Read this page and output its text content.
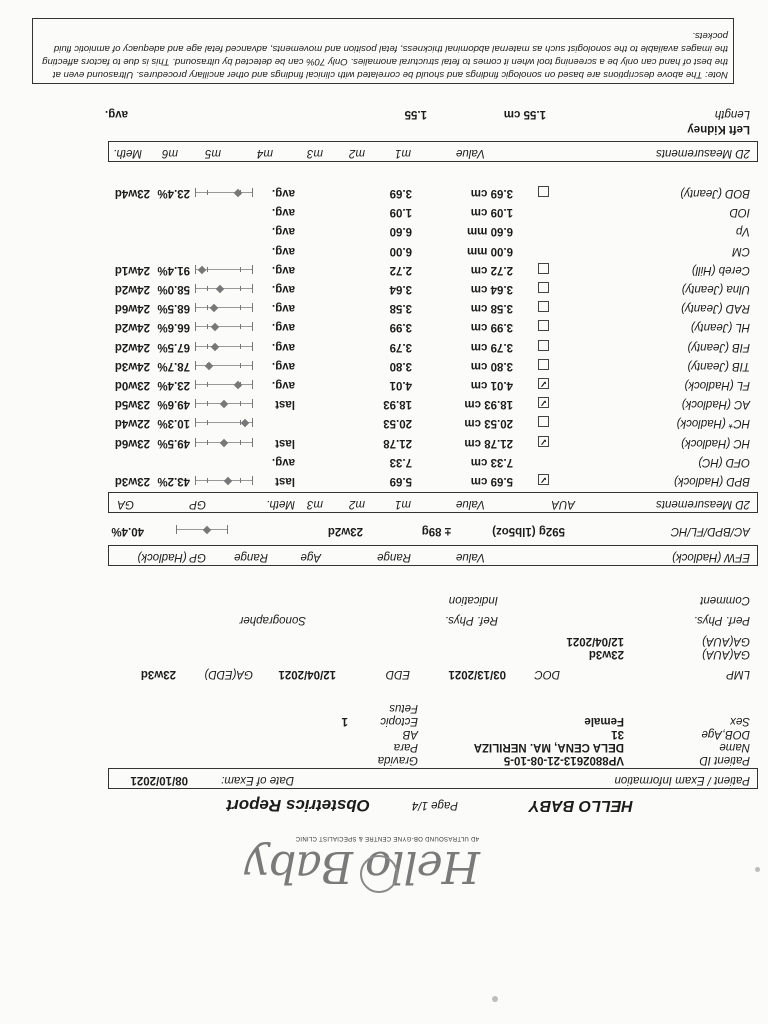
Hello Baby
4D ULTRASOUND OB-GYNE CENTRE & SPECIALIST CLINIC
Obstetrics Report	Page 1/4	HELLO BABY
Patient / Exam Information
Date of Exam:
08/10/2021
Patient ID
VP8802613-21-08-10-5
Gravida
Name
DELA CENA, MA. NERILIZA
Para
DOB,Age
31
AB
Sex
Female
Ectopic
Fetus
1
LMP
DOC
03/13/2021
EDD
12/04/2021
GA(EDD)
23w3d
GA(AUA)
23w3d
GA(AUA)
12/04/2021
Perf. Phys.
Ref. Phys.
Sonographer
Comment
Indication
EFW (Hadlock)
Value
Range
Age
Range
GP (Hadlock)
AC/BPD/FL/HC
592g (1lb5oz)
± 89g
23w2d
40.4%
2D Measurements
AUA
Value
m1
m2
m3
Meth.
GP
GA
BPD (Hadlock)
✓
5.69 cm
5.69
last
43.2%
23w3d
OFD (HC)
7.33 cm
7.33
avg.
HC (Hadlock)
✓
21.78 cm
21.78
last
49.5%
23w6d
HC* (Hadlock)
20.53 cm
20.53
10.3%
22w4d
AC (Hadlock)
✓
18.93 cm
18.93
last
49.6%
23w5d
FL (Hadlock)
✓
4.01 cm
4.01
avg.
23.4%
23w0d
TIB (Jeanty)
3.80 cm
3.80
avg.
78.7%
24w3d
FIB (Jeanty)
3.79 cm
3.79
avg.
67.5%
24w2d
HL (Jeanty)
3.99 cm
3.99
avg.
66.6%
24w2d
RAD (Jeanty)
3.58 cm
3.58
avg.
68.5%
24w6d
Ulna (Jeanty)
3.64 cm
3.64
avg.
58.0%
24w2d
Cereb (Hill)
2.72 cm
2.72
avg.
91.4%
24w1d
CM
6.00 mm
6.00
avg.
Vp
6.60 mm
6.60
avg.
IOD
1.09 cm
1.09
avg.
BOD (Jeanty)
3.69 cm
3.69
avg.
23.4%
23w4d
2D Measurements
Value
m1
m2
m3
m4
m5
m6
Meth.
Left Kidney
Length
1.55 cm
1.55
avg.
Note: The above descriptions are based on sonologic findings and should be correlated with clinical findings and other ancillary procedures. Ultrasound even at the best of hand can only be a screening tool when it comes to fetal structural anomalies. Only 70% can be detected by ultrasound. This is due to factors affecting the images available to the sonologist such as maternal abdominal thickness, fetal position and movements, advanced fetal age and adequacy of amniotic fluid pockets.
